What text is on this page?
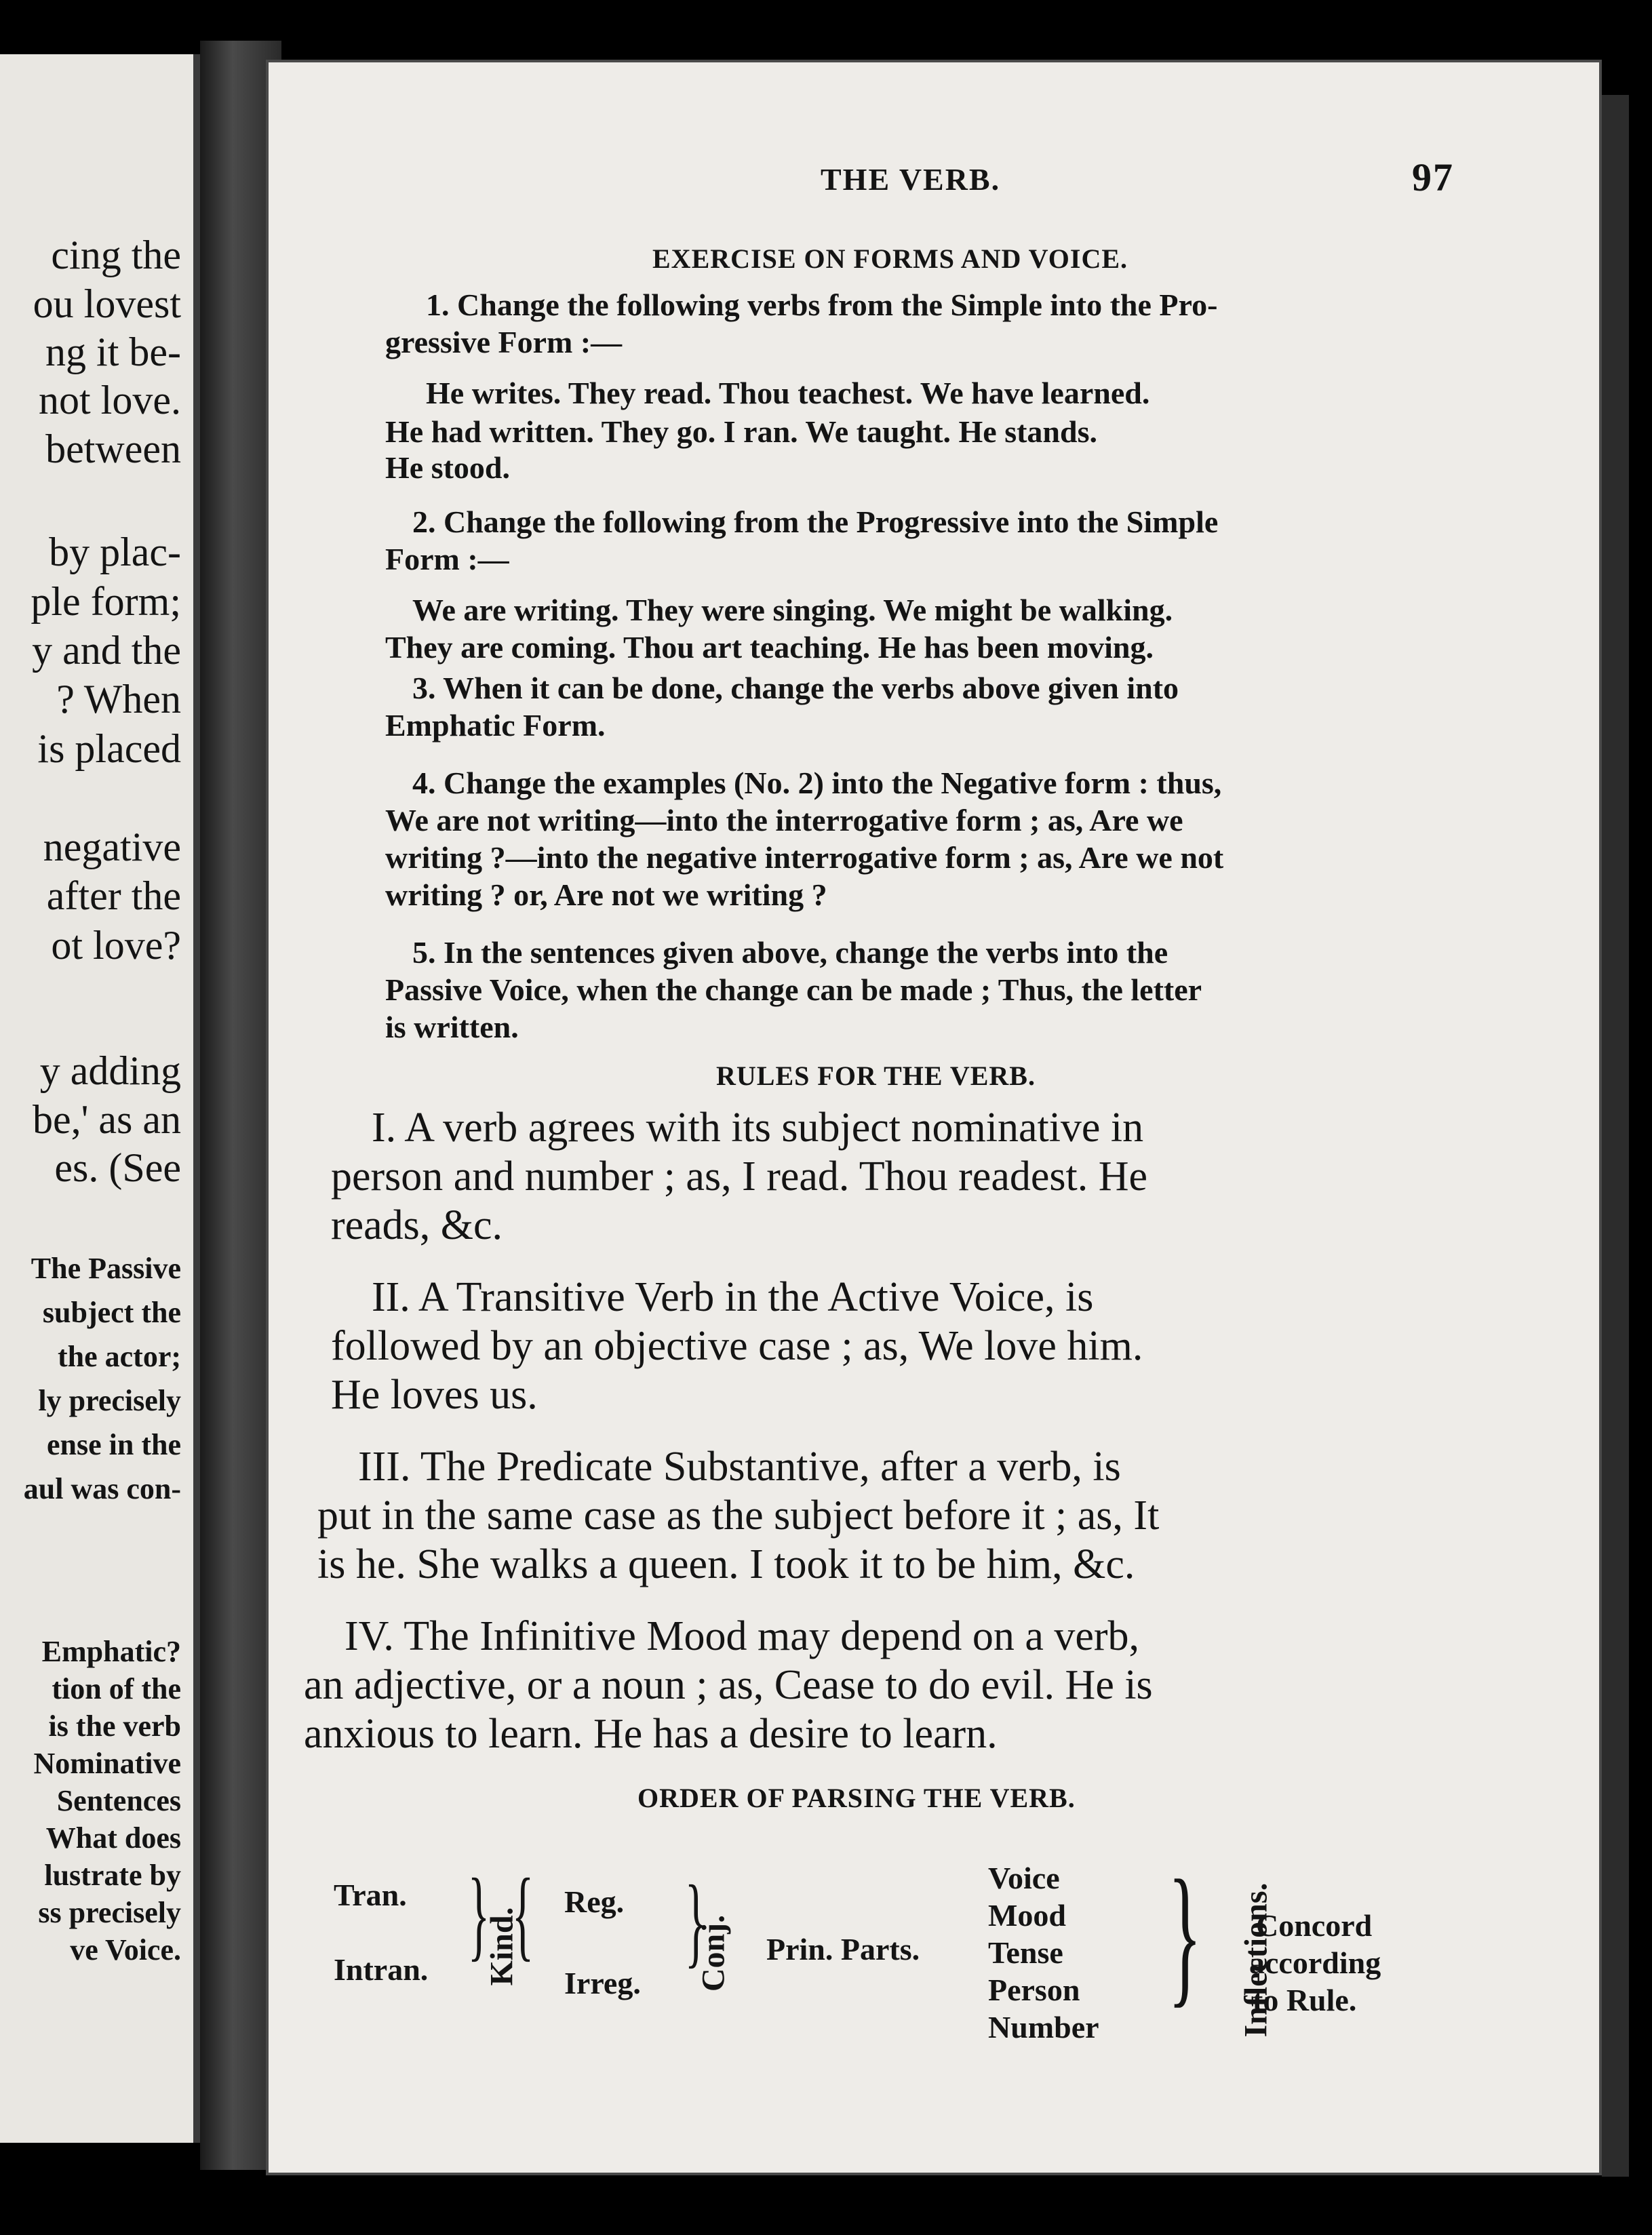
cing the
ou lovest
ng it be-
not love.
between
by plac-
ple form;
y and the
? When
is placed
negative
after the
ot love?
y adding
be,' as an
es. (See
The Passive
subject the
the actor;
ly precisely
ense in the
aul was con-
Emphatic?
tion of the
is the verb
Nominative
Sentences
What does
lustrate by
ss precisely
ve Voice.
THE VERB.	97
EXERCISE ON FORMS AND VOICE.
1. Change the following verbs from the Simple into the Pro-
gressive Form :—
He writes. They read. Thou teachest. We have learned.
He had written. They go. I ran. We taught. He stands.
He stood.
2. Change the following from the Progressive into the Simple
Form :—
We are writing. They were singing. We might be walking.
They are coming. Thou art teaching. He has been moving.
3. When it can be done, change the verbs above given into
Emphatic Form.
4. Change the examples (No. 2) into the Negative form : thus,
We are not writing—into the interrogative form ; as, Are we
writing ?—into the negative interrogative form ; as, Are we not
writing ? or, Are not we writing ?
5. In the sentences given above, change the verbs into the
Passive Voice, when the change can be made ; Thus, the letter
is written.
RULES FOR THE VERB.
I. A verb agrees with its subject nominative in
person and number ; as, I read. Thou readest. He
reads, &c.
II. A Transitive Verb in the Active Voice, is
followed by an objective case ; as, We love him.
He loves us.
III. The Predicate Substantive, after a verb, is
put in the same case as the subject before it ; as, It
is he. She walks a queen. I took it to be him, &c.
IV. The Infinitive Mood may depend on a verb,
an adjective, or a noun ; as, Cease to do evil. He is
anxious to learn. He has a desire to learn.
ORDER OF PARSING THE VERB.
Tran.
Intran. }
Kind.
{ Reg.
Irreg.
}
Conj. Prin. Parts.
Voice
Mood
Tense
Person
Number
} Inflections.
Concord
according
to Rule.
